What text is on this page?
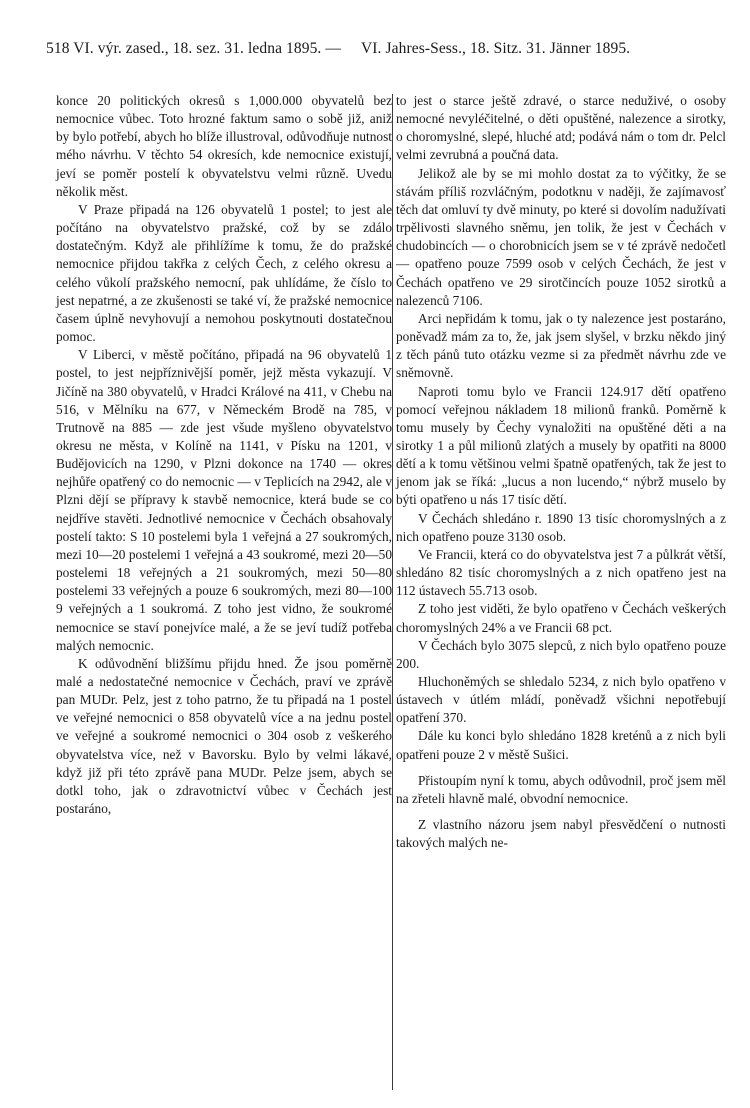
518 VI. výr. zased., 18. sez. 31. ledna 1895. — VI. Jahres-Sess., 18. Sitz. 31. Jänner 1895.

konce 20 politických okresů s 1,000.000 obyvatelů bez nemocnice vůbec. Toto hrozné faktum samo o sobě již, aniž by bylo potřebí, abych ho blíže illustroval, odůvodňuje nutnost mého návrhu. V těchto 54 okresích, kde nemocnice existují, jeví se poměr postelí k obyvatelstvu velmi různě. Uvedu několik měst.

V Praze připadá na 126 obyvatelů 1 postel; to jest ale počítáno na obyvatelstvo pražské, což by se zdálo dostatečným. Když ale přihlížíme k tomu, že do pražské nemocnice přijdou takřka z celých Čech, z celého okresu a celého vůkolí pražského nemocní, pak uhlídáme, že číslo to jest nepatrné, a ze zkušenosti se také ví, že pražské nemocnice časem úplně nevyhovují a nemohou poskytnouti dostatečnou pomoc.

V Liberci, v městě počítáno, připadá na 96 obyvatelů 1 postel, to jest nejpříznivější poměr, jejž města vykazují. V Jičíně na 380 obyvatelů, v Hradci Králové na 411, v Chebu na 516, v Mělníku na 677, v Německém Brodě na 785, v Trutnově na 885 — zde jest všude myšleno obyvatelstvo okresu ne města, v Kolíně na 1141, v Písku na 1201, v Budějovicích na 1290, v Plzni dokonce na 1740 — okres nejhůře opatřený co do nemocnic — v Teplicích na 2942, ale v Plzni dějí se přípravy k stavbě nemocnice, která bude se co nejdříve stavěti. Jednotlivé nemocnice v Čechách obsahovaly postelí takto: S 10 postelemi byla 1 veřejná a 27 soukromých, mezi 10—20 postelemi 1 veřejná a 43 soukromé, mezi 20—50 postelemi 18 veřejných a 21 soukromých, mezi 50—80 postelemi 33 veřejných a pouze 6 soukromých, mezi 80—100 9 veřejných a 1 soukromá. Z toho jest vidno, že soukromé nemocnice se staví ponejvíce malé, a že se jeví tudíž potřeba malých nemocnic.

K odůvodnění bližšímu přijdu hned. Že jsou poměrně malé a nedostatečné nemocnice v Čechách, praví ve zprávě pan MUDr. Pelz, jest z toho patrno, že tu připadá na 1 postel ve veřejné nemocnici o 858 obyvatelů více a na jednu postel ve veřejné a soukromé nemocnici o 304 osob z veškerého obyvatelstva více, než v Bavorsku. Bylo by velmi lákavé, když již při této zprávě pana MUDr. Pelze jsem, abych se dotkl toho, jak o zdravotnictví vůbec v Čechách jest postaráno,

to jest o starce ještě zdravé, o starce neduživé, o osoby nemocné nevyléčitelné, o děti opuštěné, nalezence a sirotky, o choromyslné, slepé, hluché atd; podává nám o tom dr. Pelcl velmi zevrubná a poučná data.

Jelikož ale by se mi mohlo dostat za to výčitky, že se stávám příliš rozvláčným, podotknu v naději, že zajímavosť těch dat omluví ty dvě minuty, po které si dovolím nadužívati trpělivosti slavného sněmu, jen tolik, že jest v Čechách v chudobincích — o chorobnicích jsem se v té zprávě nedočetl — opatřeno pouze 7599 osob v celých Čechách, že jest v Čechách opatřeno ve 29 sirotčincích pouze 1052 sirotků a nalezenců 7106.

Arci nepřidám k tomu, jak o ty nalezence jest postaráno, poněvadž mám za to, že, jak jsem slyšel, v brzku někdo jiný z těch pánů tuto otázku vezme si za předmět návrhu zde ve sněmovně.

Naproti tomu bylo ve Francii 124.917 dětí opatřeno pomocí veřejnou nákladem 18 milionů franků. Poměrně k tomu musely by Čechy vynaložiti na opuštěné děti a na sirotky 1 a půl milionů zlatých a musely by opatřiti na 8000 dětí a k tomu většinou velmi špatně opatřených, tak že jest to jenom jak se říká: „lucus a non lucendo,“ nýbrž muselo by býti opatřeno u nás 17 tisíc dětí.

V Čechách shledáno r. 1890 13 tisíc choromyslných a z nich opatřeno pouze 3130 osob.

Ve Francii, která co do obyvatelstva jest 7 a půlkrát větší, shledáno 82 tisíc choromyslných a z nich opatřeno jest na 112 ústavech 55.713 osob.

Z toho jest viděti, že bylo opatřeno v Čechách veškerých choromyslných 24% a ve Francii 68 pct.

V Čechách bylo 3075 slepců, z nich bylo opatřeno pouze 200.

Hluchoněmých se shledalo 5234, z nich bylo opatřeno v ústavech v útlém mládí, poněvadž všichni nepotřebují opatření 370.

Dále ku konci bylo shledáno 1828 kreténů a z nich byli opatřeni pouze 2 v městě Sušici.

Přistoupím nyní k tomu, abych odůvodnil, proč jsem měl na zřeteli hlavně malé, obvodní nemocnice.

Z vlastního názoru jsem nabyl přesvědčení o nutnosti takových malých ne-
